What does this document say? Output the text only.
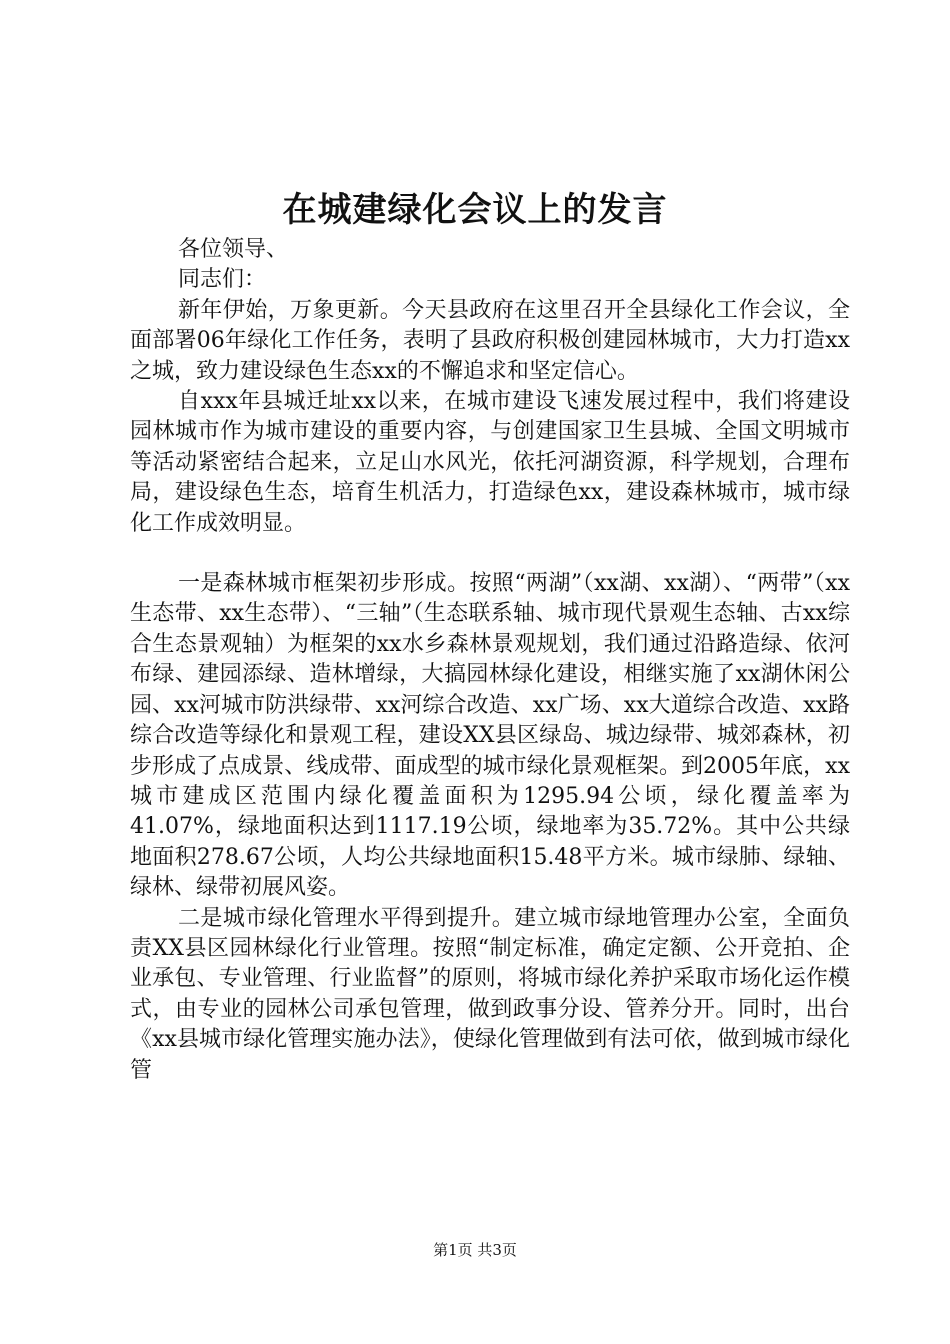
在城建绿化会议上的发言

各位领导、

同志们：

新年伊始，万象更新。今天县政府在这里召开全县绿化工作会议，全面部署06年绿化工作任务，表明了县政府积极创建园林城市，大力打造xx之城，致力建设绿色生态xx的不懈追求和坚定信心。

自xxx年县城迁址xx以来，在城市建设飞速发展过程中，我们将建设园林城市作为城市建设的重要内容，与创建国家卫生县城、全国文明城市等活动紧密结合起来，立足山水风光，依托河湖资源，科学规划，合理布局，建设绿色生态，培育生机活力，打造绿色xx，建设森林城市，城市绿化工作成效明显。

一是森林城市框架初步形成。按照“两湖”（xx湖、xx湖）、“两带”（xx生态带、xx生态带）、“三轴”（生态联系轴、城市现代景观生态轴、古xx综合生态景观轴）为框架的xx水乡森林景观规划，我们通过沿路造绿、依河布绿、建园添绿、造林增绿，大搞园林绿化建设，相继实施了xx湖休闲公园、xx河城市防洪绿带、xx河综合改造、xx广场、xx大道综合改造、xx路综合改造等绿化和景观工程，建设XX县区绿岛、城边绿带、城郊森林，初步形成了点成景、线成带、面成型的城市绿化景观框架。到2005年底，xx城市建成区范围内绿化覆盖面积为1295.94公顷，绿化覆盖率为41.07%，绿地面积达到1117.19公顷，绿地率为35.72%。其中公共绿地面积278.67公顷，人均公共绿地面积15.48平方米。城市绿肺、绿轴、绿林、绿带初展风姿。

二是城市绿化管理水平得到提升。建立城市绿地管理办公室，全面负责XX县区园林绿化行业管理。按照“制定标准，确定定额、公开竞拍、企业承包、专业管理、行业监督”的原则，将城市绿化养护采取市场化运作模式，由专业的园林公司承包管理，做到政事分设、管养分开。同时，出台《xx县城市绿化管理实施办法》，使绿化管理做到有法可依，做到城市绿化管

第1页 共3页
